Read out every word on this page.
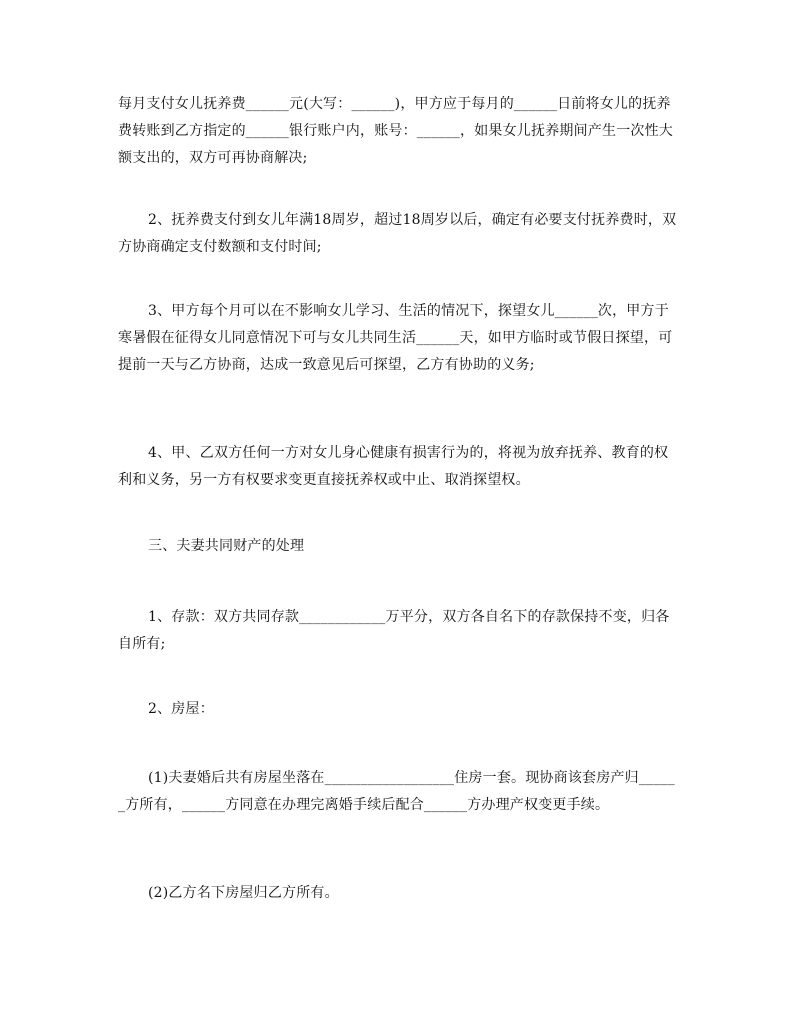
每月支付女儿抚养费______元(大写：______)，甲方应于每月的______日前将女儿的抚养费转账到乙方指定的______银行账户内，账号：______，如果女儿抚养期间产生一次性大额支出的，双方可再协商解决;

2、抚养费支付到女儿年满18周岁，超过18周岁以后，确定有必要支付抚养费时，双方协商确定支付数额和支付时间;

3、甲方每个月可以在不影响女儿学习、生活的情况下，探望女儿______次，甲方于寒暑假在征得女儿同意情况下可与女儿共同生活______天，如甲方临时或节假日探望，可提前一天与乙方协商，达成一致意见后可探望，乙方有协助的义务;

4、甲、乙双方任何一方对女儿身心健康有损害行为的，将视为放弃抚养、教育的权利和义务，另一方有权要求变更直接抚养权或中止、取消探望权。

三、夫妻共同财产的处理

1、存款：双方共同存款____________万平分，双方各自名下的存款保持不变，归各自所有;

2、房屋：

(1)夫妻婚后共有房屋坐落在__________________住房一套。现协商该套房产归______方所有，______方同意在办理完离婚手续后配合______方办理产权变更手续。

(2)乙方名下房屋归乙方所有。
